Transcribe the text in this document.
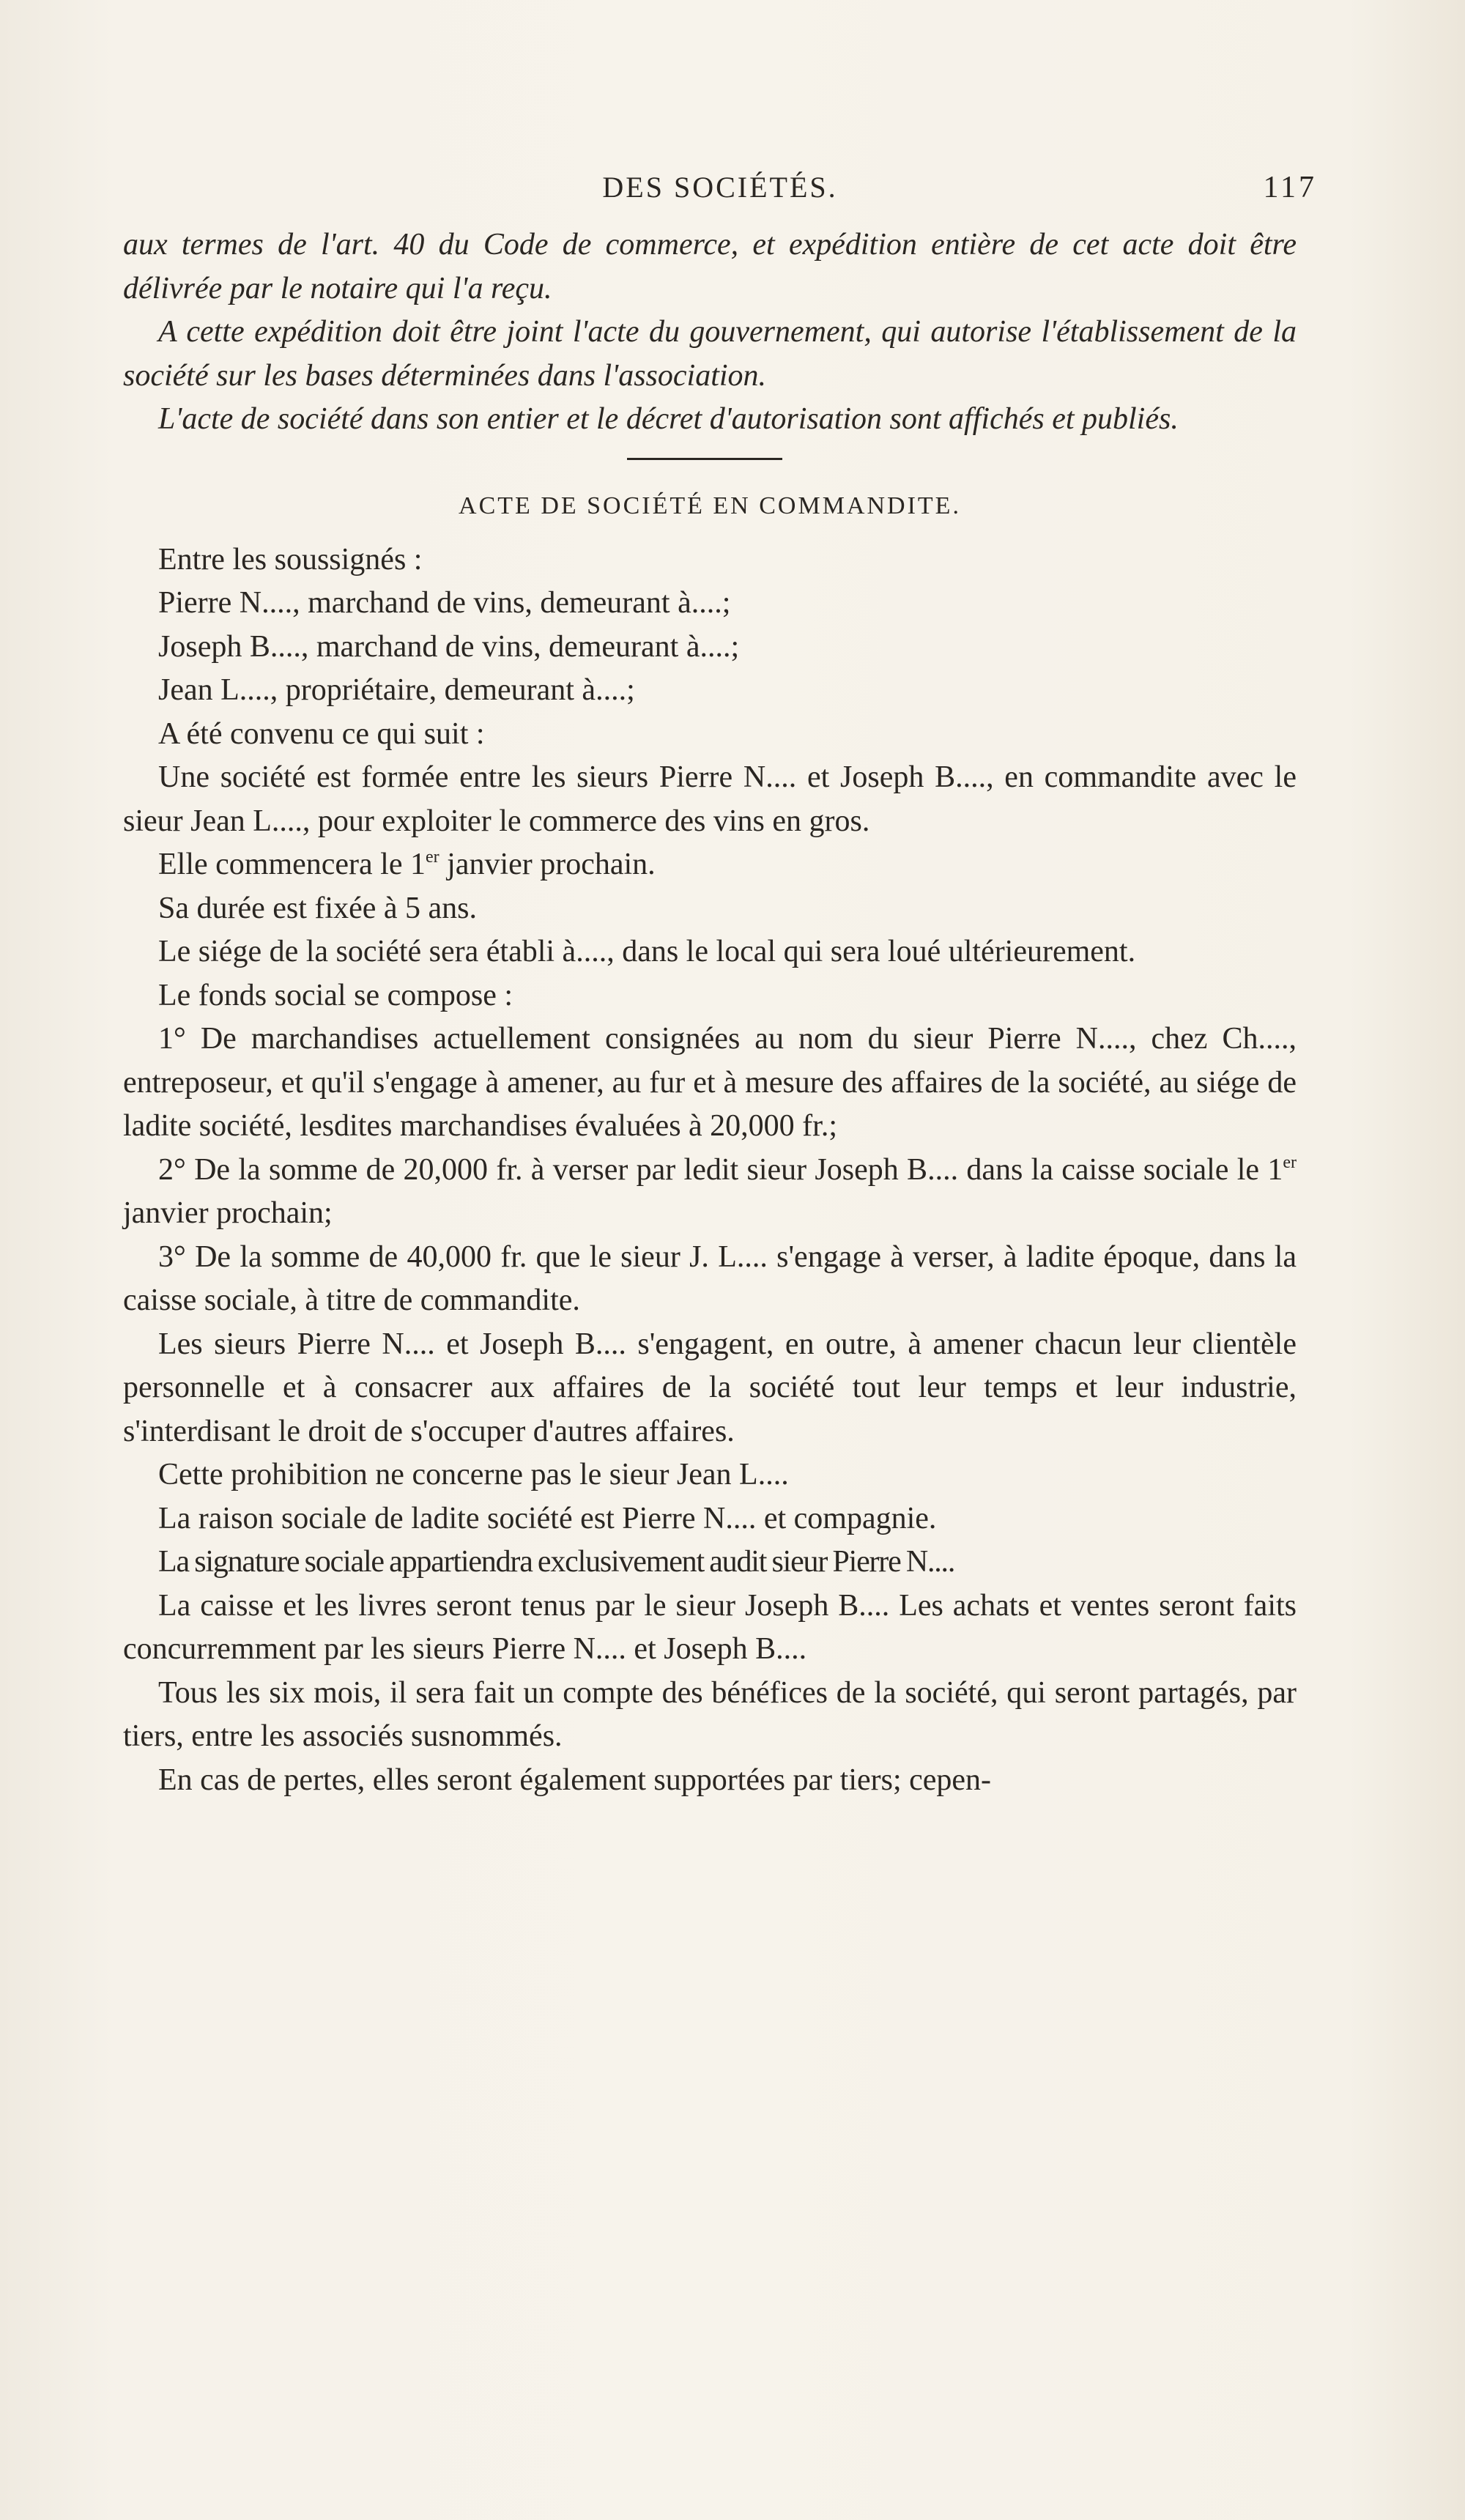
DES SOCIÉTÉS.	117

aux termes de l'art. 40 du Code de commerce, et expédition entière de cet acte doit être délivrée par le notaire qui l'a reçu.

A cette expédition doit être joint l'acte du gouvernement, qui autorise l'établissement de la société sur les bases déterminées dans l'association.

L'acte de société dans son entier et le décret d'autorisation sont affichés et publiés.

ACTE DE SOCIÉTÉ EN COMMANDITE.

Entre les soussignés :

Pierre N...., marchand de vins, demeurant à....;

Joseph B...., marchand de vins, demeurant à....;

Jean L...., propriétaire, demeurant à....;

A été convenu ce qui suit :

Une société est formée entre les sieurs Pierre N.... et Joseph B...., en commandite avec le sieur Jean L...., pour exploiter le commerce des vins en gros.

Elle commencera le 1er janvier prochain.

Sa durée est fixée à 5 ans.

Le siége de la société sera établi à...., dans le local qui sera loué ultérieurement.

Le fonds social se compose :

1° De marchandises actuellement consignées au nom du sieur Pierre N...., chez Ch...., entreposeur, et qu'il s'engage à amener, au fur et à mesure des affaires de la société, au siége de ladite société, lesdites marchandises évaluées à 20,000 fr.;

2° De la somme de 20,000 fr. à verser par ledit sieur Joseph B.... dans la caisse sociale le 1er janvier prochain;

3° De la somme de 40,000 fr. que le sieur J. L.... s'engage à verser, à ladite époque, dans la caisse sociale, à titre de commandite.

Les sieurs Pierre N.... et Joseph B.... s'engagent, en outre, à amener chacun leur clientèle personnelle et à consacrer aux affaires de la société tout leur temps et leur industrie, s'interdisant le droit de s'occuper d'autres affaires.

Cette prohibition ne concerne pas le sieur Jean L....

La raison sociale de ladite société est Pierre N.... et compagnie.

La signature sociale appartiendra exclusivement audit sieur Pierre N....

La caisse et les livres seront tenus par le sieur Joseph B.... Les achats et ventes seront faits concurremment par les sieurs Pierre N.... et Joseph B....

Tous les six mois, il sera fait un compte des bénéfices de la société, qui seront partagés, par tiers, entre les associés susnommés.

En cas de pertes, elles seront également supportées par tiers; cepen-
